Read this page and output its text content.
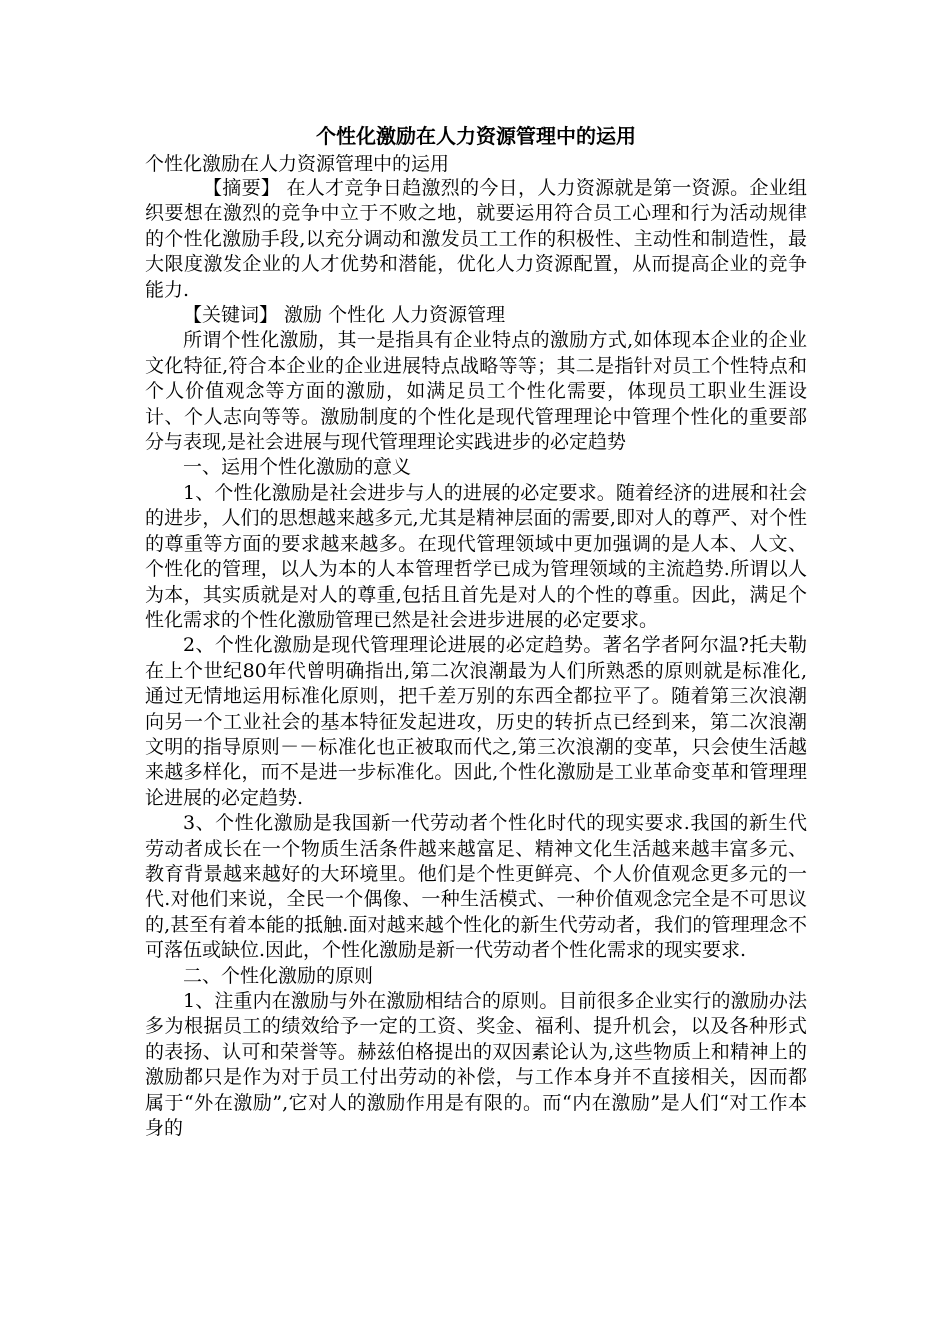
个性化激励在人力资源管理中的运用

个性化激励在人力资源管理中的运用

【摘要】 在人才竞争日趋激烈的今日，人力资源就是第一资源。企业组织要想在激烈的竞争中立于不败之地，就要运用符合员工心理和行为活动规律的个性化激励手段,以充分调动和激发员工工作的积极性、主动性和制造性，最大限度激发企业的人才优势和潜能，优化人力资源配置，从而提高企业的竞争能力.

【关键词】 激励 个性化 人力资源管理

所谓个性化激励，其一是指具有企业特点的激励方式,如体现本企业的企业文化特征,符合本企业的企业进展特点战略等等；其二是指针对员工个性特点和个人价值观念等方面的激励，如满足员工个性化需要，体现员工职业生涯设计、个人志向等等。激励制度的个性化是现代管理理论中管理个性化的重要部分与表现,是社会进展与现代管理理论实践进步的必定趋势

一、运用个性化激励的意义

1、个性化激励是社会进步与人的进展的必定要求。随着经济的进展和社会的进步，人们的思想越来越多元,尤其是精神层面的需要,即对人的尊严、对个性的尊重等方面的要求越来越多。在现代管理领域中更加强调的是人本、人文、个性化的管理，以人为本的人本管理哲学已成为管理领域的主流趋势.所谓以人为本，其实质就是对人的尊重,包括且首先是对人的个性的尊重。因此，满足个性化需求的个性化激励管理已然是社会进步进展的必定要求。

2、个性化激励是现代管理理论进展的必定趋势。著名学者阿尔温?托夫勒在上个世纪80年代曾明确指出,第二次浪潮最为人们所熟悉的原则就是标准化,通过无情地运用标准化原则，把千差万别的东西全都拉平了。随着第三次浪潮向另一个工业社会的基本特征发起进攻，历史的转折点已经到来，第二次浪潮文明的指导原则－－标准化也正被取而代之,第三次浪潮的变革，只会使生活越来越多样化，而不是进一步标准化。因此,个性化激励是工业革命变革和管理理论进展的必定趋势.

3、个性化激励是我国新一代劳动者个性化时代的现实要求.我国的新生代劳动者成长在一个物质生活条件越来越富足、精神文化生活越来越丰富多元、教育背景越来越好的大环境里。他们是个性更鲜亮、个人价值观念更多元的一代.对他们来说，全民一个偶像、一种生活模式、一种价值观念完全是不可思议的,甚至有着本能的抵触.面对越来越个性化的新生代劳动者，我们的管理理念不可落伍或缺位.因此，个性化激励是新一代劳动者个性化需求的现实要求.

二、个性化激励的原则

1、注重内在激励与外在激励相结合的原则。目前很多企业实行的激励办法多为根据员工的绩效给予一定的工资、奖金、福利、提升机会，以及各种形式的表扬、认可和荣誉等。赫兹伯格提出的双因素论认为,这些物质上和精神上的激励都只是作为对于员工付出劳动的补偿，与工作本身并不直接相关，因而都属于“外在激励”,它对人的激励作用是有限的。而“内在激励”是人们“对工作本身的
